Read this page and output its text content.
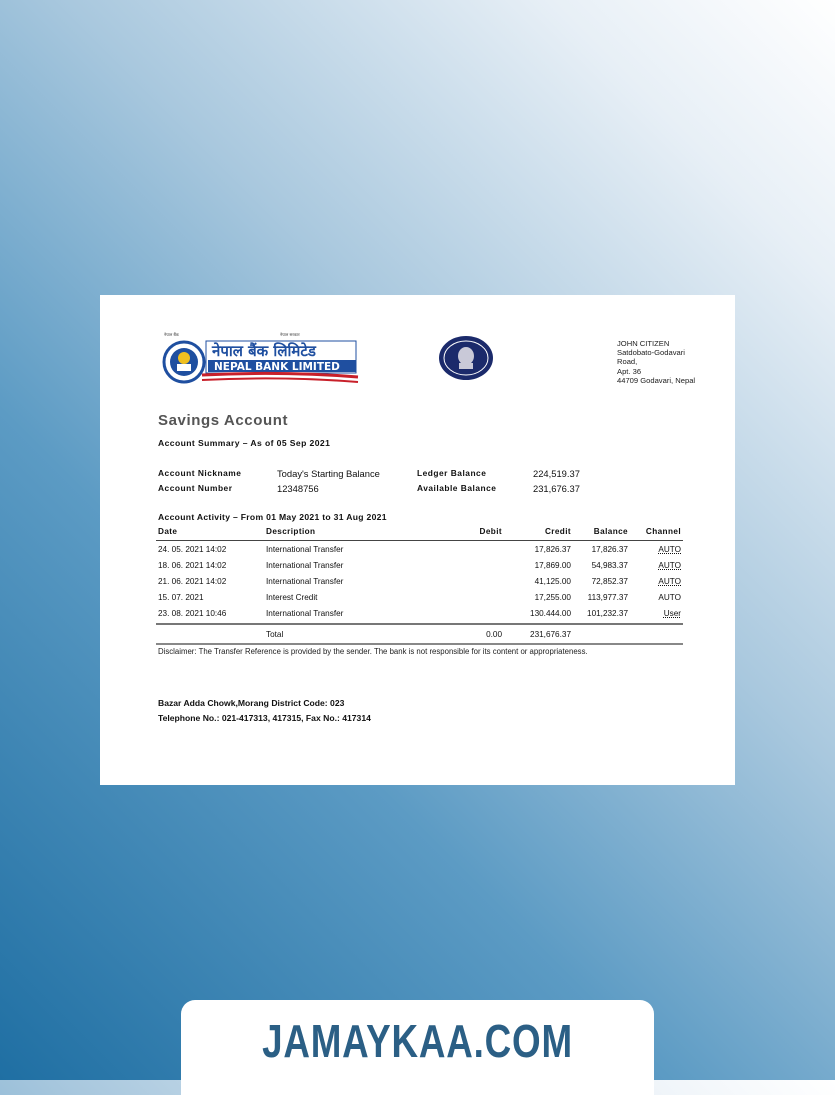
नेपाल बैंक	नेपाल सरकार
नेपाल बैंक लिमिटेड
NEPAL BANK LIMITED
JOHN CITIZEN
Satdobato-Godavari
Road,
Apt. 36
44709 Godavari, Nepal
Savings Account
Account Summary – As of 05 Sep 2021
Account Nickname	Today's Starting Balance	Ledger Balance	224,519.37
Account Number	12348756	Available Balance	231,676.37
Account Activity – From 01 May 2021 to 31 Aug 2021
Date	Description	Debit	Credit	Balance	Channel
24. 05. 2021 14:02	International Transfer		17,826.37	17,826.37	AUTO
18. 06. 2021 14:02	International Transfer		17,869.00	54,983.37	AUTO
21. 06. 2021 14:02	International Transfer		41,125.00	72,852.37	AUTO
15. 07. 2021	Interest Credit		17,255.00	113,977.37	AUTO
23. 08. 2021 10:46	International Transfer		130.444.00	101,232.37	User
	Total	0.00	231,676.37		
Disclaimer: The Transfer Reference is provided by the sender. The bank is not responsible for its content or appropriateness.
Bazar Adda Chowk,Morang District Code: 023
Telephone No.: 021-417313, 417315, Fax No.: 417314
JAMAYKAA.COM
